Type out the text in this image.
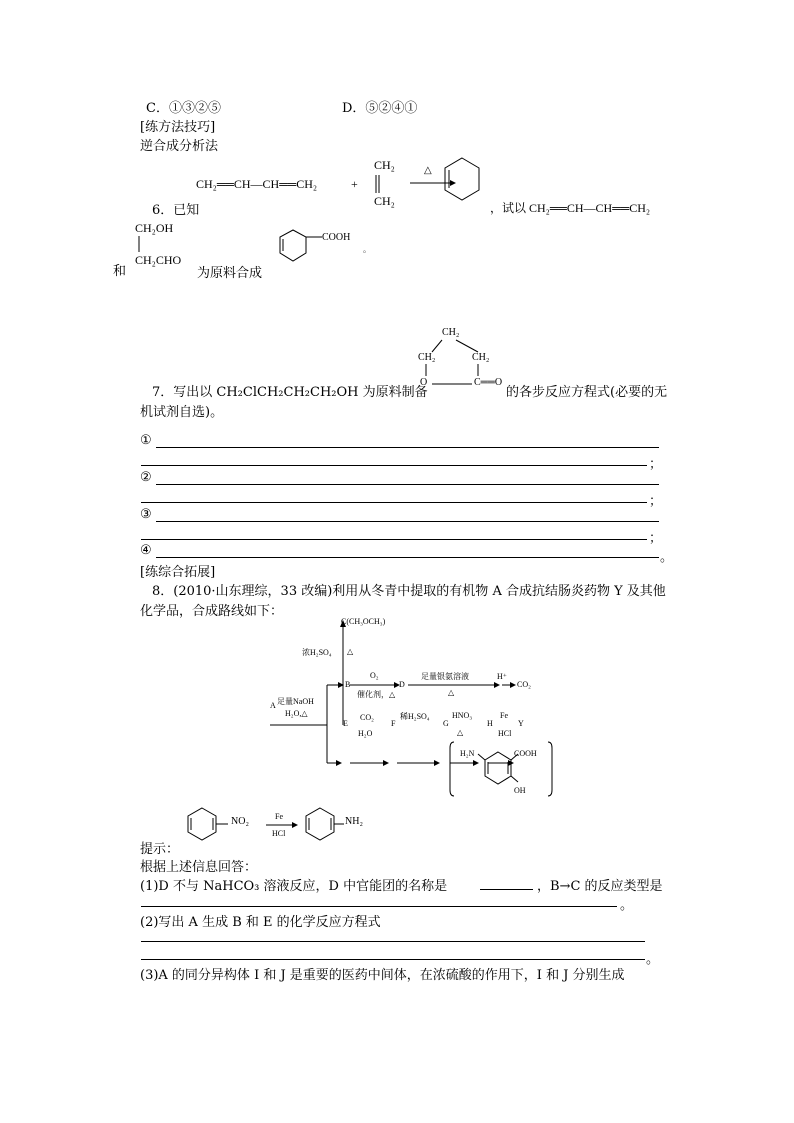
C．①③②⑤	D．⑤②④①
[练方法技巧]
逆合成分析法
CH₂══CH—CH══CH₂	+
CH₂
CH₂
△
，试以 CH₂══CH—CH══CH₂
6．已知
CH₂OH
和
CH₂CHO
为原料合成
COOH
。
CH₂
CH₂	CH₂
O	C══O
7．写出以 CH₂ClCH₂CH₂CH₂OH 为原料制备	的各步反应方程式(必要的无
机试剂自选)。
①
；
②
；
③
；
④	。
[练综合拓展]
8．(2010·山东理综，33 改编)利用从冬青中提取的有机物 A 合成抗结肠炎药物 Y 及其他
化学品，合成路线如下：
C(CH₃OCH₃)
浓H₂SO₄ △
B
O₂
催化剂，△
D
足量银氨溶液
△
H⁺
CO₂
A 足量NaOH
H₂O,△
E
CO₂
H₂O
F
稀H₂SO₄
G
HNO₃
△
H
Fe
HCl
Y
H₂N	COOH
OH
提示：
NO₂	Fe
HCl
NH₂
根据上述信息回答：
(1)D 不与 NaHCO₃ 溶液反应，D 中官能团的名称是	，B→C 的反应类型是
。
(2)写出 A 生成 B 和 E 的化学反应方程式
。
(3)A 的同分异构体 I 和 J 是重要的医药中间体，在浓硫酸的作用下，I 和 J 分别生成
